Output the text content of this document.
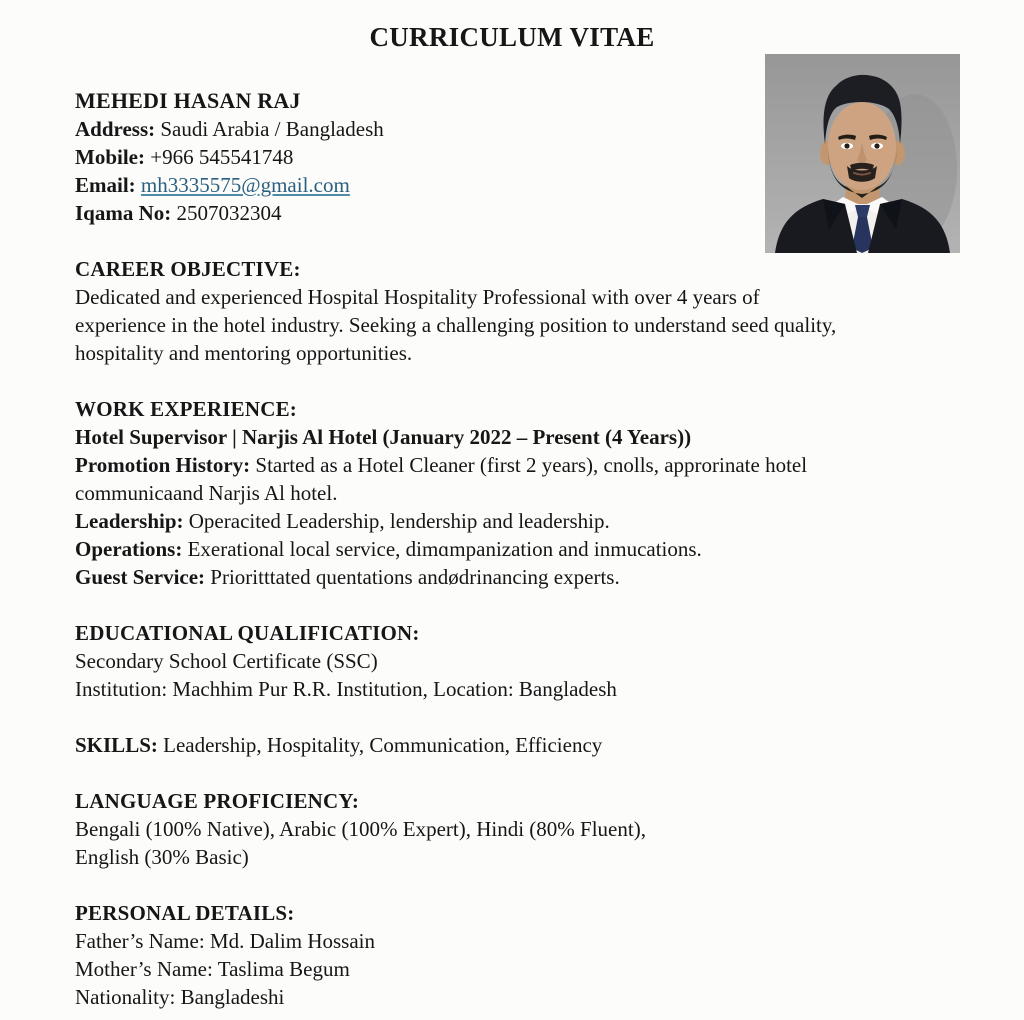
CURRICULUM VITAE
MEHEDI HASAN RAJ
Address: Saudi Arabia / Bangladesh
Mobile: +966 545541748
Email: mh3335575@gmail.com
Iqama No: 2507032304
CAREER OBJECTIVE:
Dedicated and experienced Hospital Hospitality Professional with over 4 years of
experience in the hotel industry. Seeking a challenging position to understand seed quality,
hospitality and mentoring opportunities.
WORK EXPERIENCE:
Hotel Supervisor | Narjis Al Hotel (January 2022 – Present (4 Years))
Promotion History: Started as a Hotel Cleaner (first 2 years), cnolls, approrinate hotel
communicaand Narjis Al hotel.
Leadership: Operacited Leadership, lendership and leadership.
Operations: Exerational local service, dimɑmpanization and inmucations.
Guest Service: Prioritttated quentations andødrinancing experts.
EDUCATIONAL QUALIFICATION:
Secondary School Certificate (SSC)
Institution: Machhim Pur R.R. Institution, Location: Bangladesh
SKILLS: Leadership, Hospitality, Communication, Efficiency
LANGUAGE PROFICIENCY:
Bengali (100% Native), Arabic (100% Expert), Hindi (80% Fluent),
English (30% Basic)
PERSONAL DETAILS:
Father’s Name: Md. Dalim Hossain
Mother’s Name: Taslima Begum
Nationality: Bangladeshi
